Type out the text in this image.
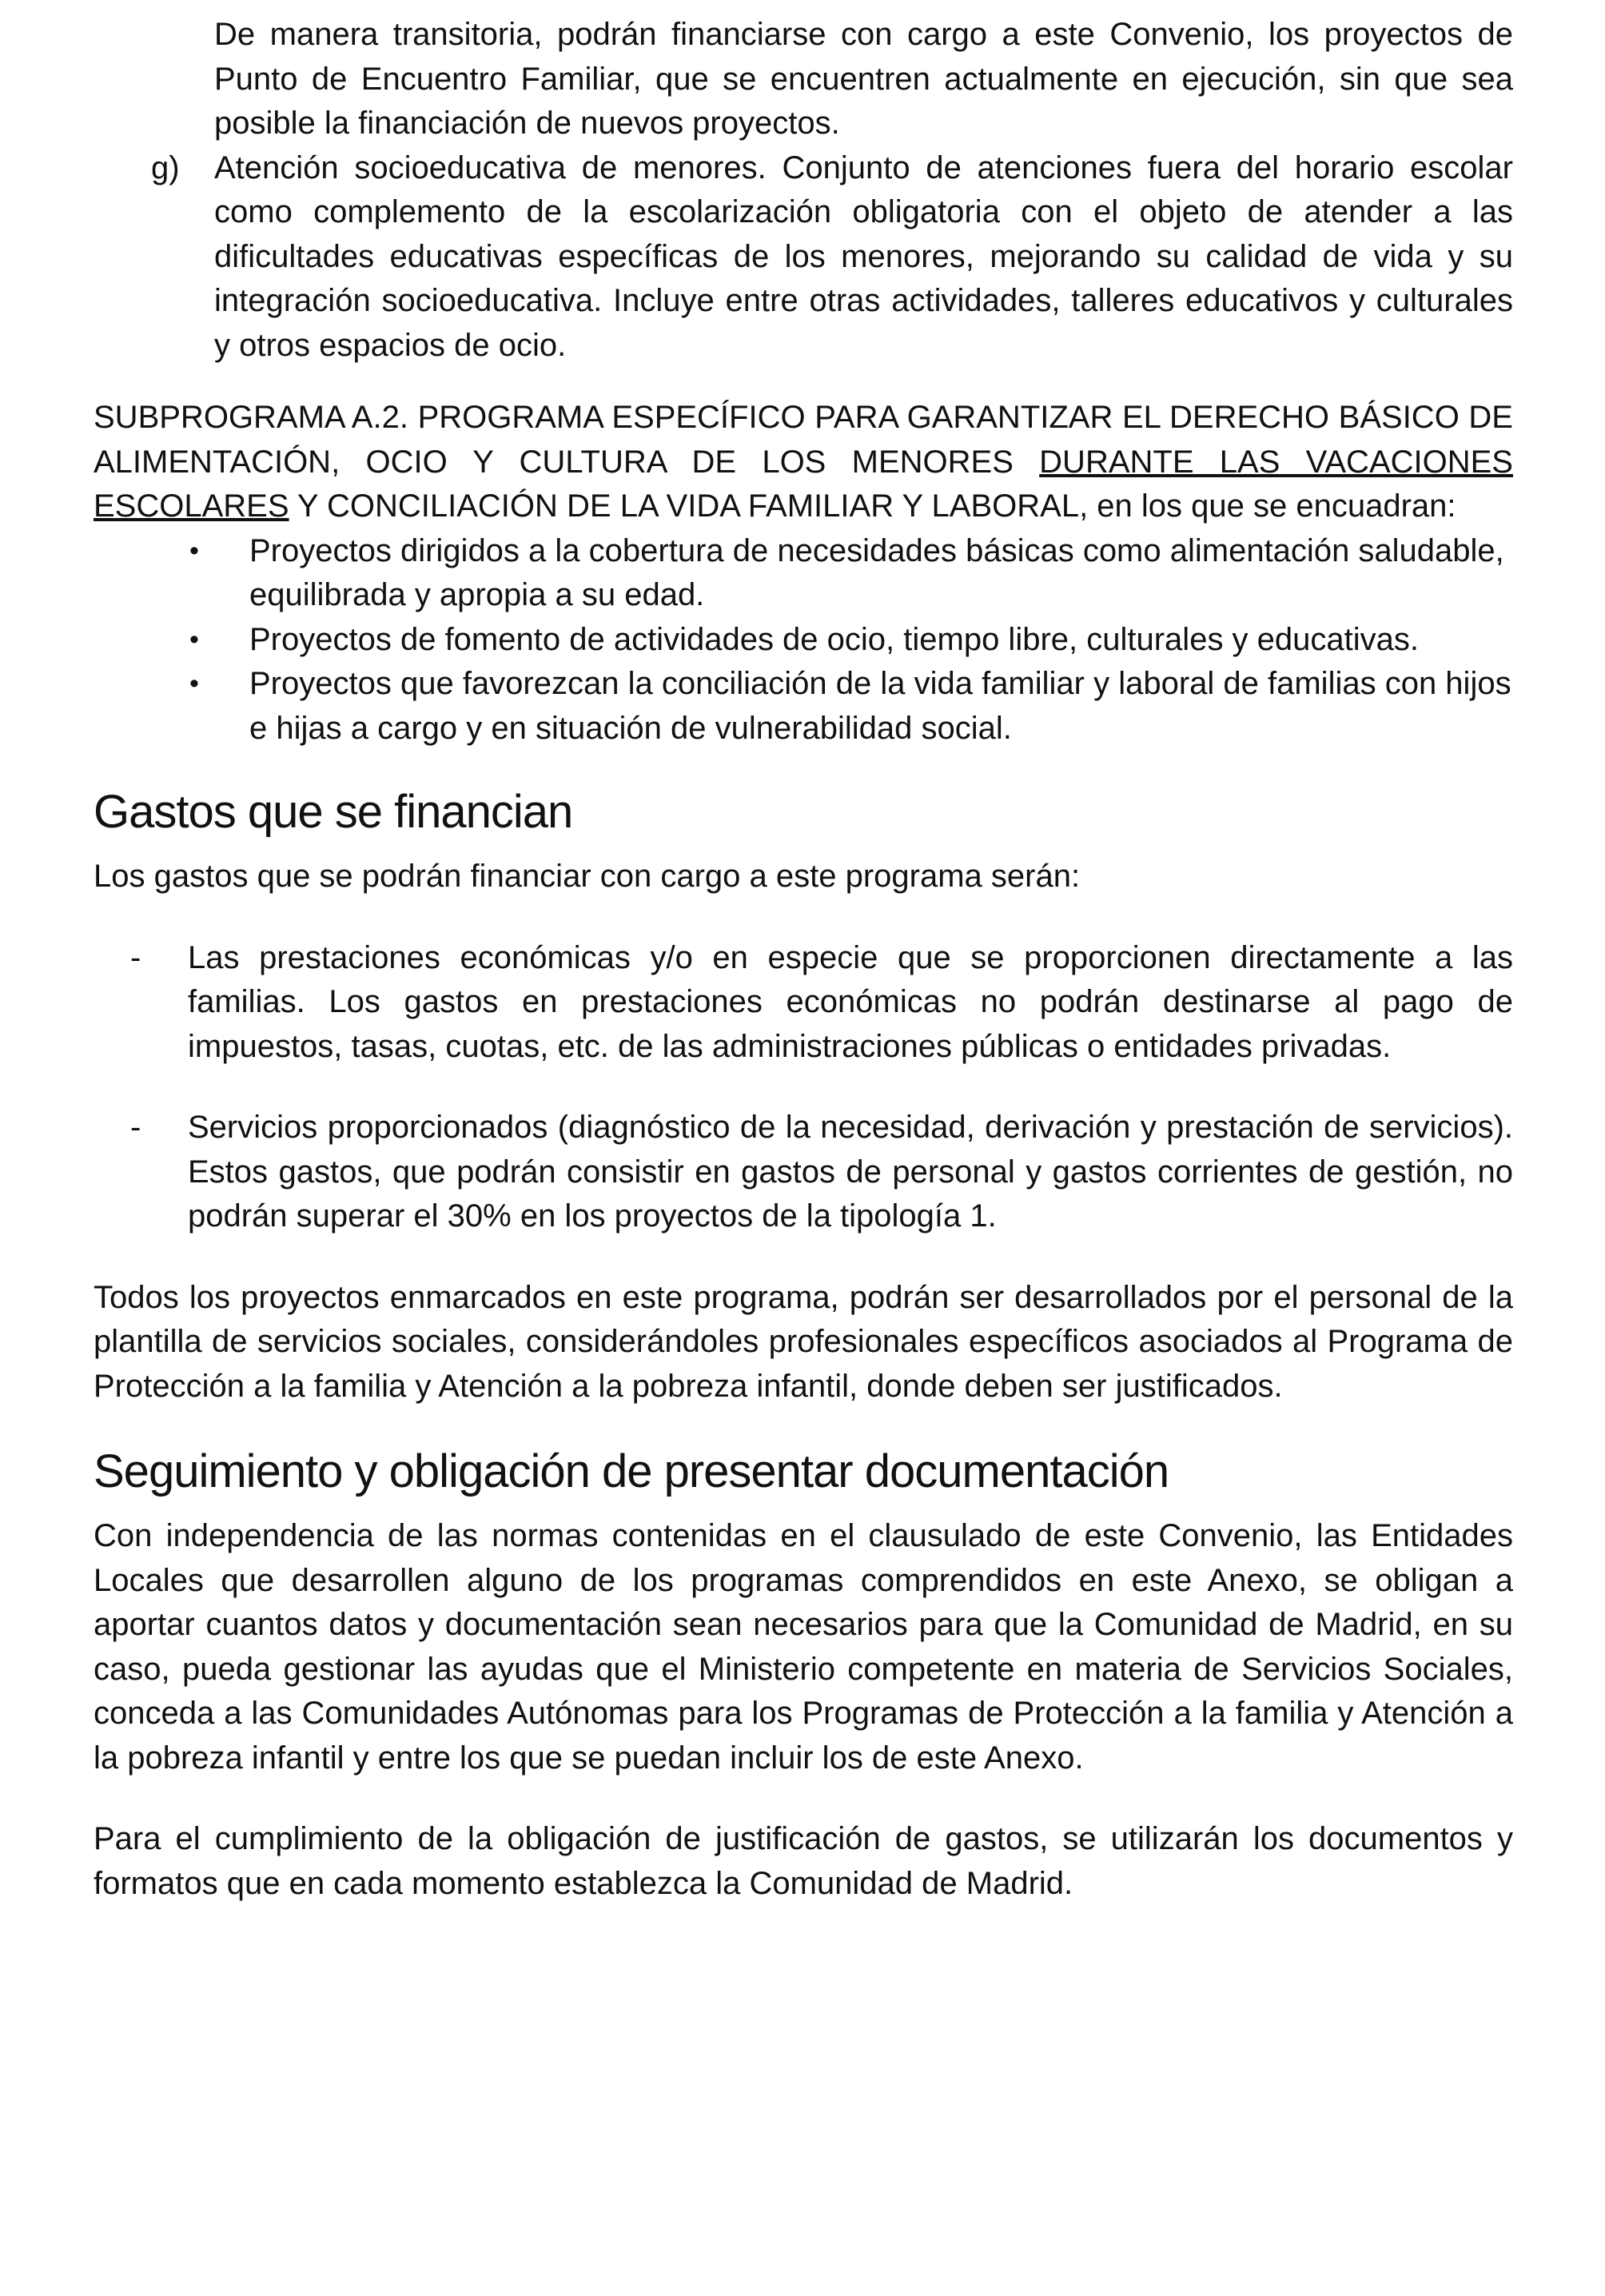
De manera transitoria, podrán financiarse con cargo a este Convenio, los proyectos de Punto de Encuentro Familiar, que se encuentren actualmente en ejecución, sin que sea posible la financiación de nuevos proyectos.

g)	Atención socioeducativa de menores. Conjunto de atenciones fuera del horario escolar como complemento de la escolarización obligatoria con el objeto de atender a las dificultades educativas específicas de los menores, mejorando su calidad de vida y su integración socioeducativa. Incluye entre otras actividades, talleres educativos y culturales y otros espacios de ocio.

SUBPROGRAMA A.2. PROGRAMA ESPECÍFICO PARA GARANTIZAR EL DERECHO BÁSICO DE ALIMENTACIÓN, OCIO Y CULTURA DE LOS MENORES DURANTE LAS VACACIONES ESCOLARES Y CONCILIACIÓN DE LA VIDA FAMILIAR Y LABORAL, en los que se encuadran:

•	Proyectos dirigidos a la cobertura de necesidades básicas como alimentación saludable, equilibrada y apropia a su edad.
•	Proyectos de fomento de actividades de ocio, tiempo libre, culturales y educativas.
•	Proyectos que favorezcan la conciliación de la vida familiar y laboral de familias con hijos e hijas a cargo y en situación de vulnerabilidad social.
Gastos que se financian

Los gastos que se podrán financiar con cargo a este programa serán:

-	Las prestaciones económicas y/o en especie que se proporcionen directamente a las familias. Los gastos en prestaciones económicas no podrán destinarse al pago de impuestos, tasas, cuotas, etc. de las administraciones públicas o entidades privadas.

-	Servicios proporcionados (diagnóstico de la necesidad, derivación y prestación de servicios). Estos gastos, que podrán consistir en gastos de personal y gastos corrientes de gestión, no podrán superar el 30% en los proyectos de la tipología 1.

Todos los proyectos enmarcados en este programa, podrán ser desarrollados por el personal de la plantilla de servicios sociales, considerándoles profesionales específicos asociados al Programa de Protección a la familia y Atención a la pobreza infantil, donde deben ser justificados.

Seguimiento y obligación de presentar documentación

Con independencia de las normas contenidas en el clausulado de este Convenio, las Entidades Locales que desarrollen alguno de los programas comprendidos en este Anexo, se obligan a aportar cuantos datos y documentación sean necesarios para que la Comunidad de Madrid, en su caso, pueda gestionar las ayudas que el Ministerio competente en materia de Servicios Sociales, conceda a las Comunidades Autónomas para los Programas de Protección a la familia y Atención a la pobreza infantil y entre los que se puedan incluir los de este Anexo.

Para el cumplimiento de la obligación de justificación de gastos, se utilizarán los documentos y formatos que en cada momento establezca la Comunidad de Madrid.
